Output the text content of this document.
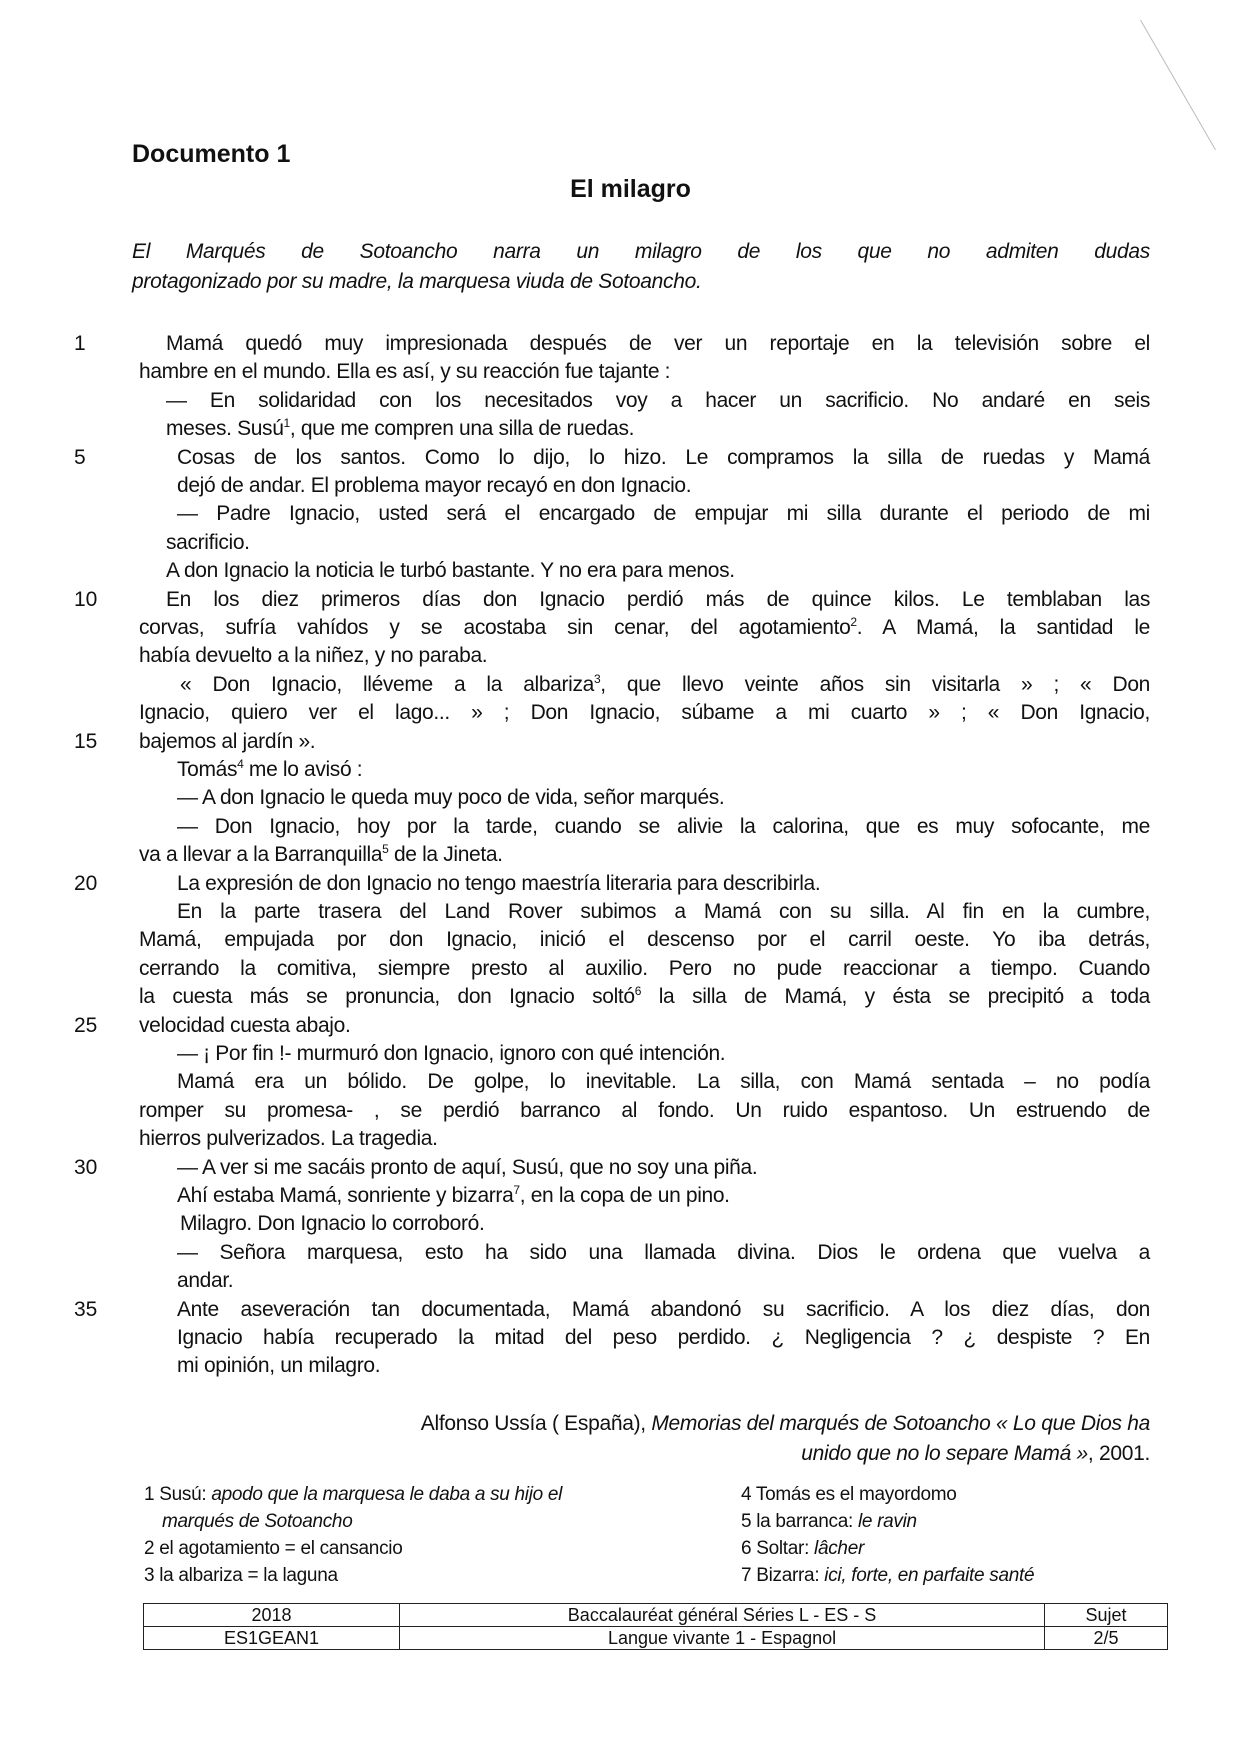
Documento 1
El milagro
El Marqués de Sotoancho narra un milagro de los que no admiten dudas
protagonizado por su madre, la marquesa viuda de Sotoancho.
1	Mamá quedó muy impresionada después de ver un reportaje en la televisión sobre el
hambre en el mundo. Ella es así, y su reacción fue tajante :
— En solidaridad con los necesitados voy a hacer un sacrificio. No andaré en seis
meses. Susú$^1$, que me compren una silla de ruedas.
5	Cosas de los santos. Como lo dijo, lo hizo. Le compramos la silla de ruedas y Mamá
dejó de andar. El problema mayor recayó en don Ignacio.
— Padre Ignacio, usted será el encargado de empujar mi silla durante el periodo de mi
sacrificio.
A don Ignacio la noticia le turbó bastante. Y no era para menos.
10	En los diez primeros días don Ignacio perdió más de quince kilos. Le temblaban las
corvas, sufría vahídos y se acostaba sin cenar, del agotamiento$^2$. A Mamá, la santidad le
había devuelto a la niñez, y no paraba.
« Don Ignacio, lléveme a la albariza$^3$, que llevo veinte años sin visitarla » ; « Don
Ignacio, quiero ver el lago... » ; Don Ignacio, súbame a mi cuarto » ; « Don Ignacio,
15 bajemos al jardín ».
Tomás$^4$ me lo avisó :
— A don Ignacio le queda muy poco de vida, señor marqués.
— Don Ignacio, hoy por la tarde, cuando se alivie la calorina, que es muy sofocante, me
va a llevar a la Barranquilla$^5$ de la Jineta.
20	La expresión de don Ignacio no tengo maestría literaria para describirla.
En la parte trasera del Land Rover subimos a Mamá con su silla. Al fin en la cumbre,
Mamá, empujada por don Ignacio, inició el descenso por el carril oeste. Yo iba detrás,
cerrando la comitiva, siempre presto al auxilio. Pero no pude reaccionar a tiempo. Cuando
la cuesta más se pronuncia, don Ignacio soltó$^6$ la silla de Mamá, y ésta se precipitó a toda
25 velocidad cuesta abajo.
— ¡ Por fin !- murmuró don Ignacio, ignoro con qué intención.
Mamá era un bólido. De golpe, lo inevitable. La silla, con Mamá sentada – no podía
romper su promesa- , se perdió barranco al fondo. Un ruido espantoso. Un estruendo de
hierros pulverizados. La tragedia.
30	— A ver si me sacáis pronto de aquí, Susú, que no soy una piña.
Ahí estaba Mamá, sonriente y bizarra$^7$, en la copa de un pino.
Milagro. Don Ignacio lo corroboró.
— Señora marquesa, esto ha sido una llamada divina. Dios le ordena que vuelva a
andar.
35	Ante aseveración tan documentada, Mamá abandonó su sacrificio. A los diez días, don
Ignacio había recuperado la mitad del peso perdido. ¿ Negligencia ? ¿ despiste ? En
mi opinión, un milagro.
Alfonso Ussía ( España), Memorias del marqués de Sotoancho « Lo que Dios ha
unido que no lo separe Mamá », 2001.
1 Susú: apodo que la marquesa le daba a su hijo el
marqués de Sotoancho
2 el agotamiento = el cansancio
3 la albariza = la laguna
4 Tomás es el mayordomo
5 la barranca: le ravin
6 Soltar: lâcher
7 Bizarra: ici, forte, en parfaite santé
2018	Baccalauréat général Séries L - ES - S	Sujet
ES1GEAN1	Langue vivante 1 - Espagnol	2/5
